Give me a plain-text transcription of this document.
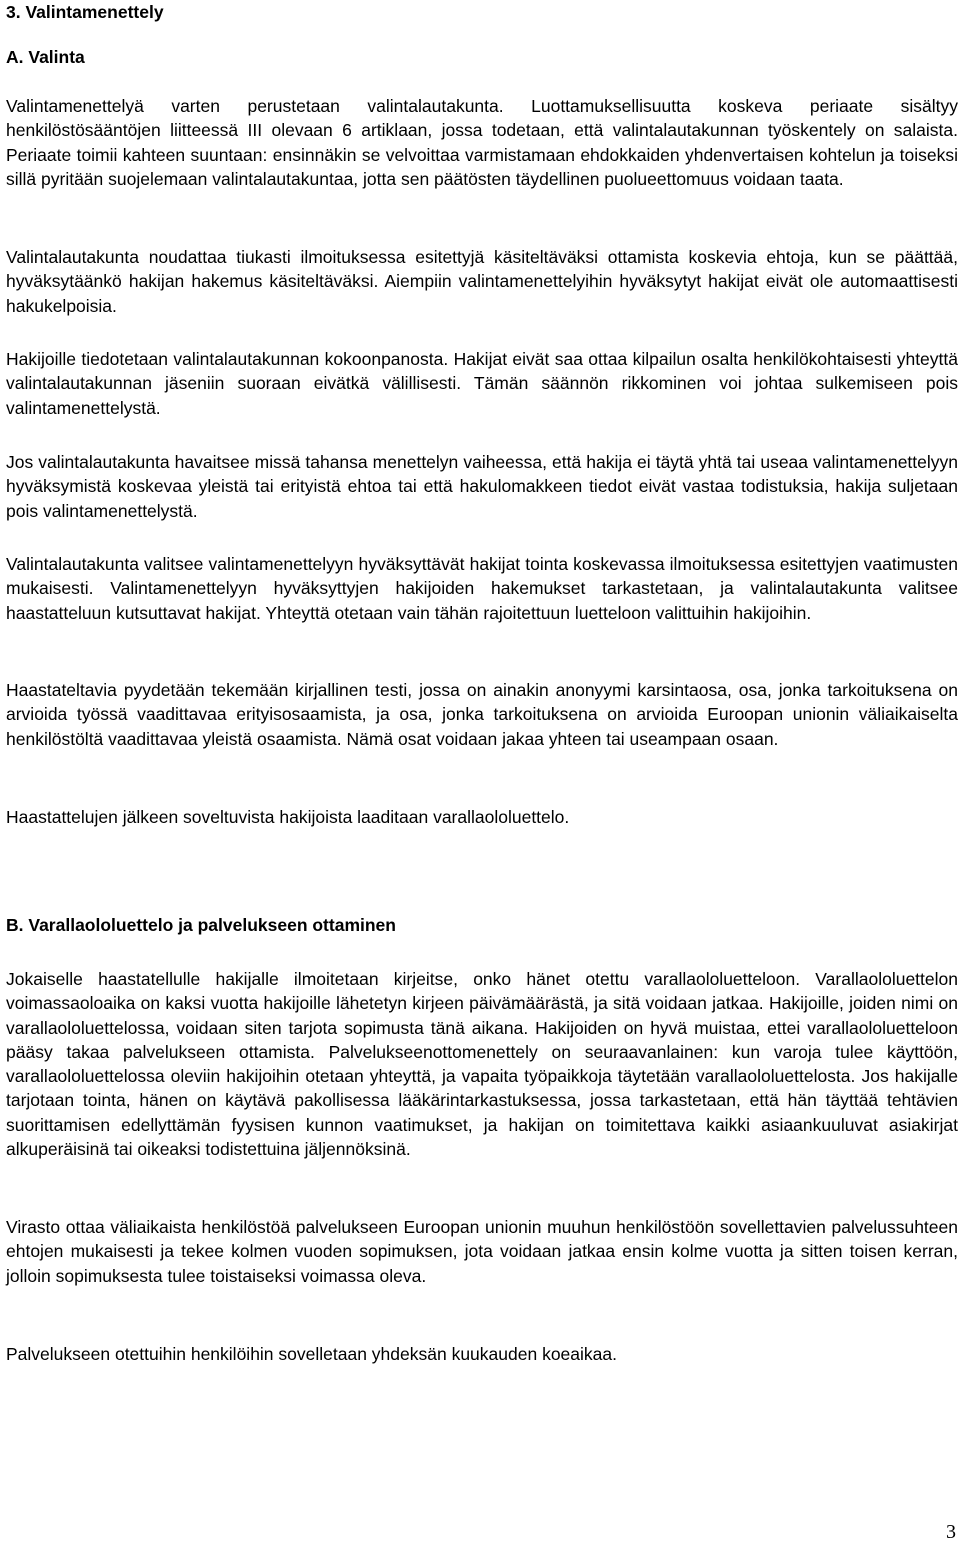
3. Valintamenettely
A. Valinta

Valintamenettelyä varten perustetaan valintalautakunta. Luottamuksellisuutta koskeva periaate sisältyy henkilöstösääntöjen liitteessä III olevaan 6 artiklaan, jossa todetaan, että valintalautakunnan työskentely on salaista. Periaate toimii kahteen suuntaan: ensinnäkin se velvoittaa varmistamaan ehdokkaiden yhdenvertaisen kohtelun ja toiseksi sillä pyritään suojelemaan valintalautakuntaa, jotta sen päätösten täydellinen puolueettomuus voidaan taata.

Valintalautakunta noudattaa tiukasti ilmoituksessa esitettyjä käsiteltäväksi ottamista koskevia ehtoja, kun se päättää, hyväksytäänkö hakijan hakemus käsiteltäväksi. Aiempiin valintamenettelyihin hyväksytyt hakijat eivät ole automaattisesti hakukelpoisia.

Hakijoille tiedotetaan valintalautakunnan kokoonpanosta. Hakijat eivät saa ottaa kilpailun osalta henkilökohtaisesti yhteyttä valintalautakunnan jäseniin suoraan eivätkä välillisesti. Tämän säännön rikkominen voi johtaa sulkemiseen pois valintamenettelystä.

Jos valintalautakunta havaitsee missä tahansa menettelyn vaiheessa, että hakija ei täytä yhtä tai useaa valintamenettelyyn hyväksymistä koskevaa yleistä tai erityistä ehtoa tai että hakulomakkeen tiedot eivät vastaa todistuksia, hakija suljetaan pois valintamenettelystä.

Valintalautakunta valitsee valintamenettelyyn hyväksyttävät hakijat tointa koskevassa ilmoituksessa esitettyjen vaatimusten mukaisesti. Valintamenettelyyn hyväksyttyjen hakijoiden hakemukset tarkastetaan, ja valintalautakunta valitsee haastatteluun kutsuttavat hakijat. Yhteyttä otetaan vain tähän rajoitettuun luetteloon valittuihin hakijoihin.

Haastateltavia pyydetään tekemään kirjallinen testi, jossa on ainakin anonyymi karsintaosa, osa, jonka tarkoituksena on arvioida työssä vaadittavaa erityisosaamista, ja osa, jonka tarkoituksena on arvioida Euroopan unionin väliaikaiselta henkilöstöltä vaadittavaa yleistä osaamista. Nämä osat voidaan jakaa yhteen tai useampaan osaan.

Haastattelujen jälkeen soveltuvista hakijoista laaditaan varallaololuettelo.

B. Varallaololuettelo ja palvelukseen ottaminen

Jokaiselle haastatellulle hakijalle ilmoitetaan kirjeitse, onko hänet otettu varallaololuetteloon. Varallaololuettelon voimassaoloaika on kaksi vuotta hakijoille lähetetyn kirjeen päivämäärästä, ja sitä voidaan jatkaa. Hakijoille, joiden nimi on varallaololuettelossa, voidaan siten tarjota sopimusta tänä aikana. Hakijoiden on hyvä muistaa, ettei varallaololuetteloon pääsy takaa palvelukseen ottamista. Palvelukseenottomenettely on seuraavanlainen: kun varoja tulee käyttöön, varallaololuettelossa oleviin hakijoihin otetaan yhteyttä, ja vapaita työpaikkoja täytetään varallaololuettelosta. Jos hakijalle tarjotaan tointa, hänen on käytävä pakollisessa lääkärintarkastuksessa, jossa tarkastetaan, että hän täyttää tehtävien suorittamisen edellyttämän fyysisen kunnon vaatimukset, ja hakijan on toimitettava kaikki asiaankuuluvat asiakirjat alkuperäisinä tai oikeaksi todistettuina jäljennöksinä.

Virasto ottaa väliaikaista henkilöstöä palvelukseen Euroopan unionin muuhun henkilöstöön sovellettavien palvelussuhteen ehtojen mukaisesti ja tekee kolmen vuoden sopimuksen, jota voidaan jatkaa ensin kolme vuotta ja sitten toisen kerran, jolloin sopimuksesta tulee toistaiseksi voimassa oleva.

Palvelukseen otettuihin henkilöihin sovelletaan yhdeksän kuukauden koeaikaa.

3
